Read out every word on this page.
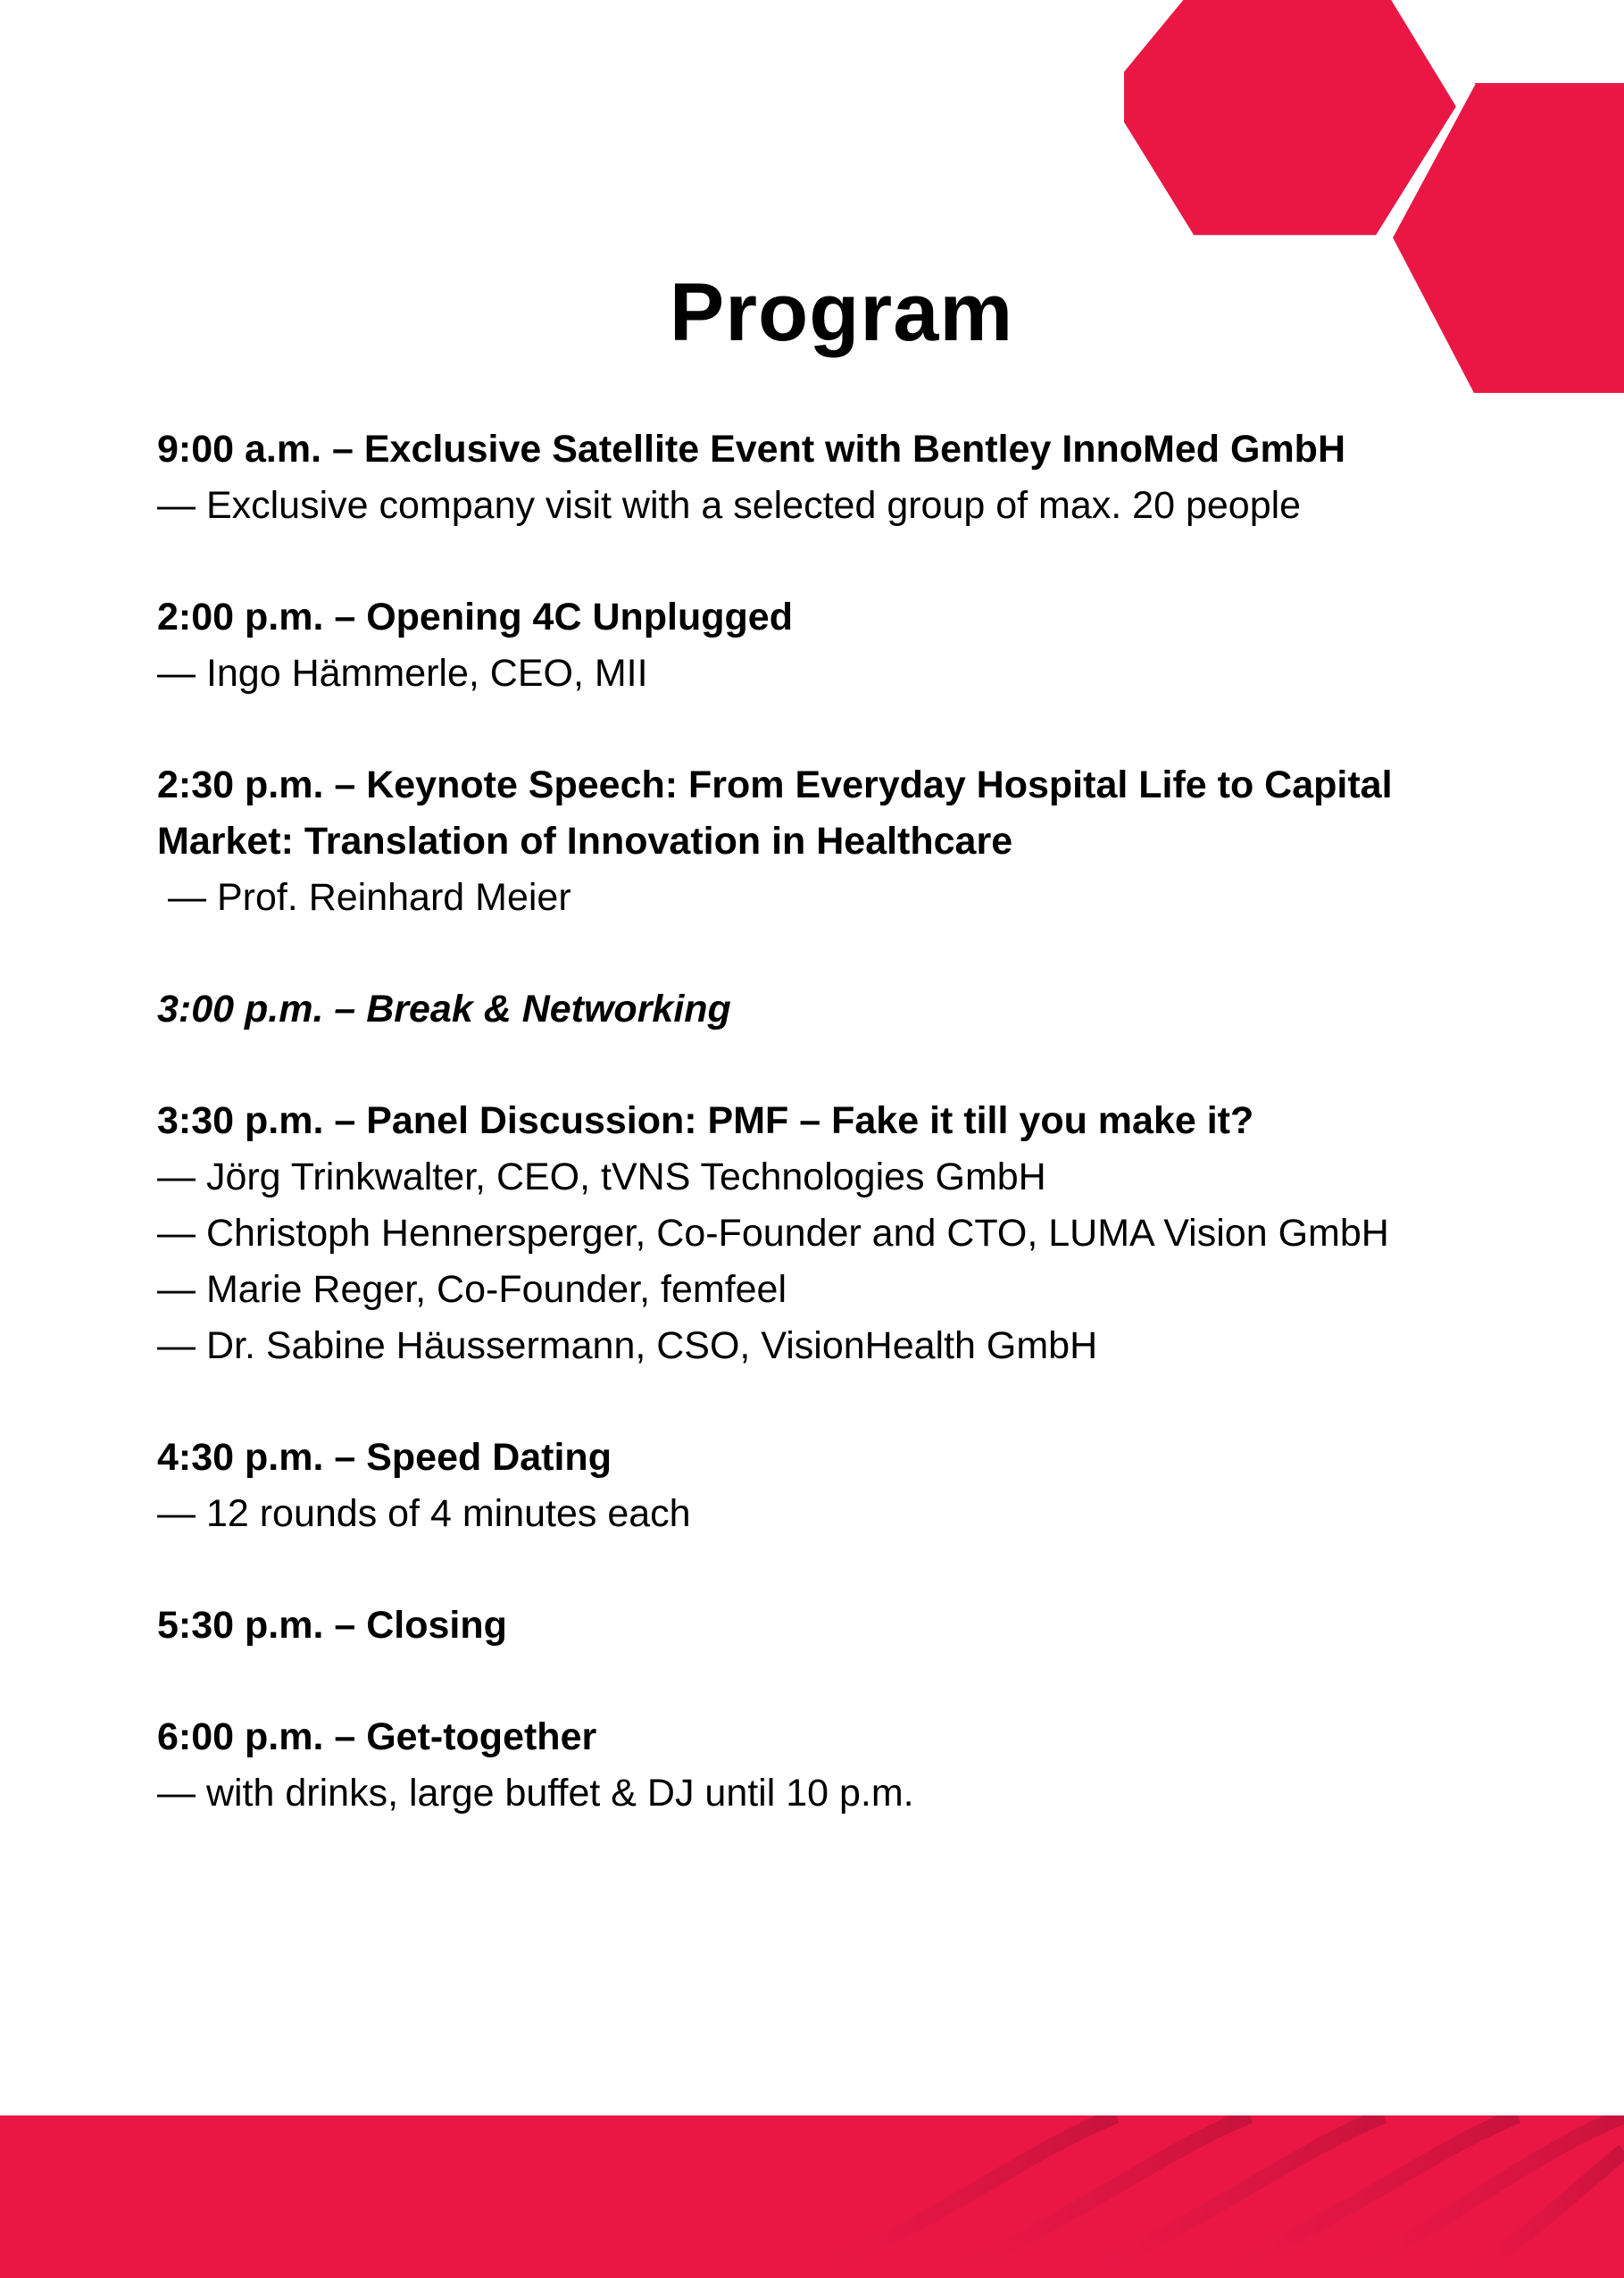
Program

9:00 a.m. – Exclusive Satellite Event with Bentley InnoMed GmbH

— Exclusive company visit with a selected group of max. 20 people

2:00 p.m. – Opening 4C Unplugged

— Ingo Hämmerle, CEO, MII

2:30 p.m. – Keynote Speech: From Everyday Hospital Life to Capital Market: Translation of Innovation in Healthcare

— Prof. Reinhard Meier

3:00 p.m. – Break & Networking

3:30 p.m. – Panel Discussion: PMF – Fake it till you make it?

— Jörg Trinkwalter, CEO, tVNS Technologies GmbH

— Christoph Hennersperger, Co-Founder and CTO, LUMA Vision GmbH

— Marie Reger, Co-Founder, femfeel

— Dr. Sabine Häussermann, CSO, VisionHealth GmbH

4:30 p.m. – Speed Dating

— 12 rounds of 4 minutes each

5:30 p.m. – Closing

6:00 p.m. – Get-together

— with drinks, large buffet & DJ until 10 p.m.
